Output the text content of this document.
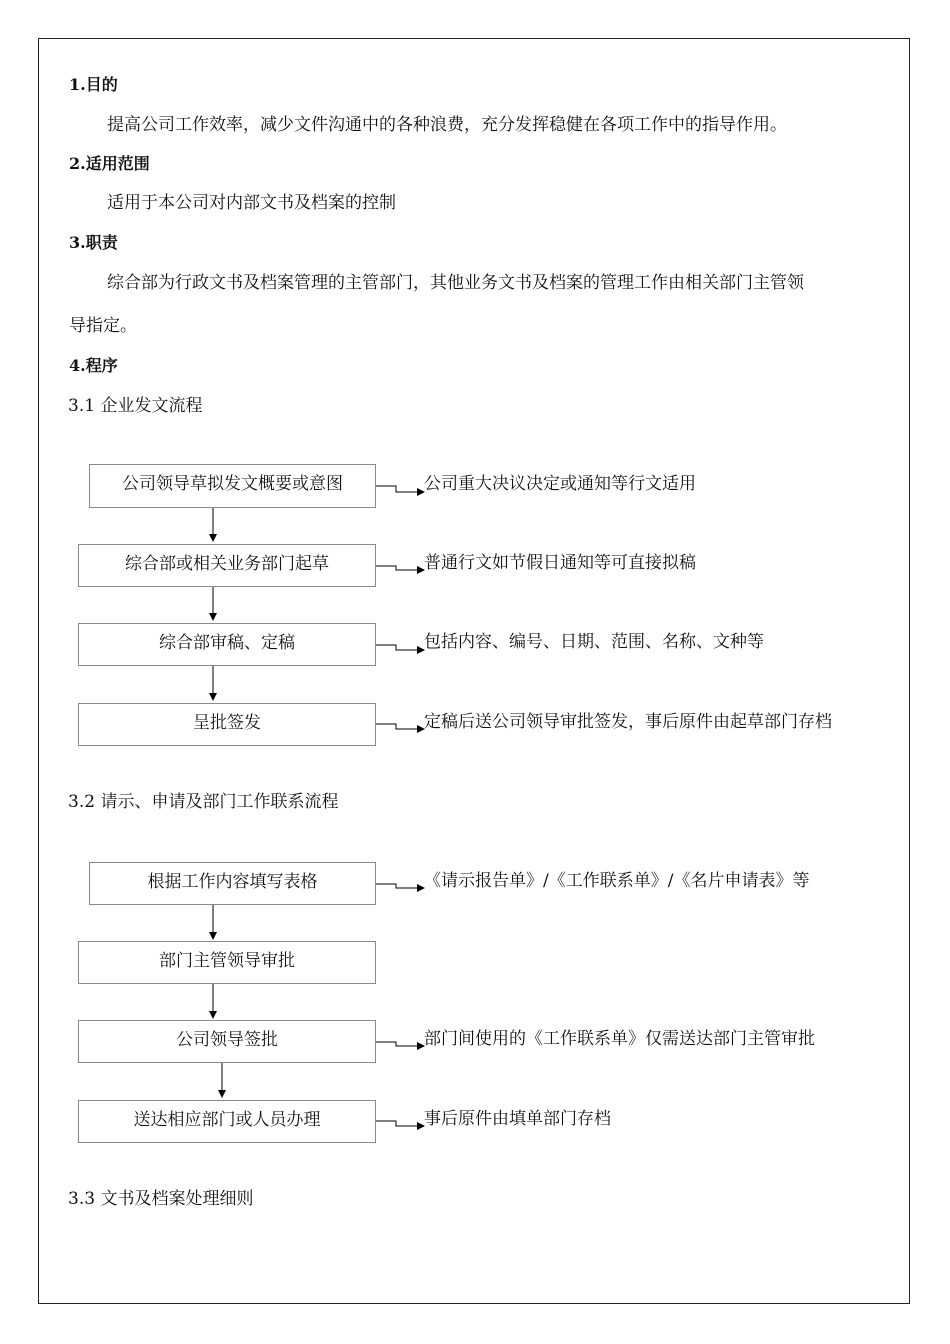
1.目的
提高公司工作效率，减少文件沟通中的各种浪费，充分发挥稳健在各项工作中的指导作用。
2.适用范围
适用于本公司对内部文书及档案的控制
3.职责
综合部为行政文书及档案管理的主管部门，其他业务文书及档案的管理工作由相关部门主管领
导指定。
4.程序
3.1 企业发文流程
公司领导草拟发文概要或意图
综合部或相关业务部门起草
综合部审稿、定稿
呈批签发
公司重大决议决定或通知等行文适用
普通行文如节假日通知等可直接拟稿
包括内容、编号、日期、范围、名称、文种等
定稿后送公司领导审批签发，事后原件由起草部门存档
3.2 请示、申请及部门工作联系流程
根据工作内容填写表格
部门主管领导审批
公司领导签批
送达相应部门或人员办理
《请示报告单》/《工作联系单》/《名片申请表》等
部门间使用的《工作联系单》仅需送达部门主管审批
事后原件由填单部门存档
3.3 文书及档案处理细则
